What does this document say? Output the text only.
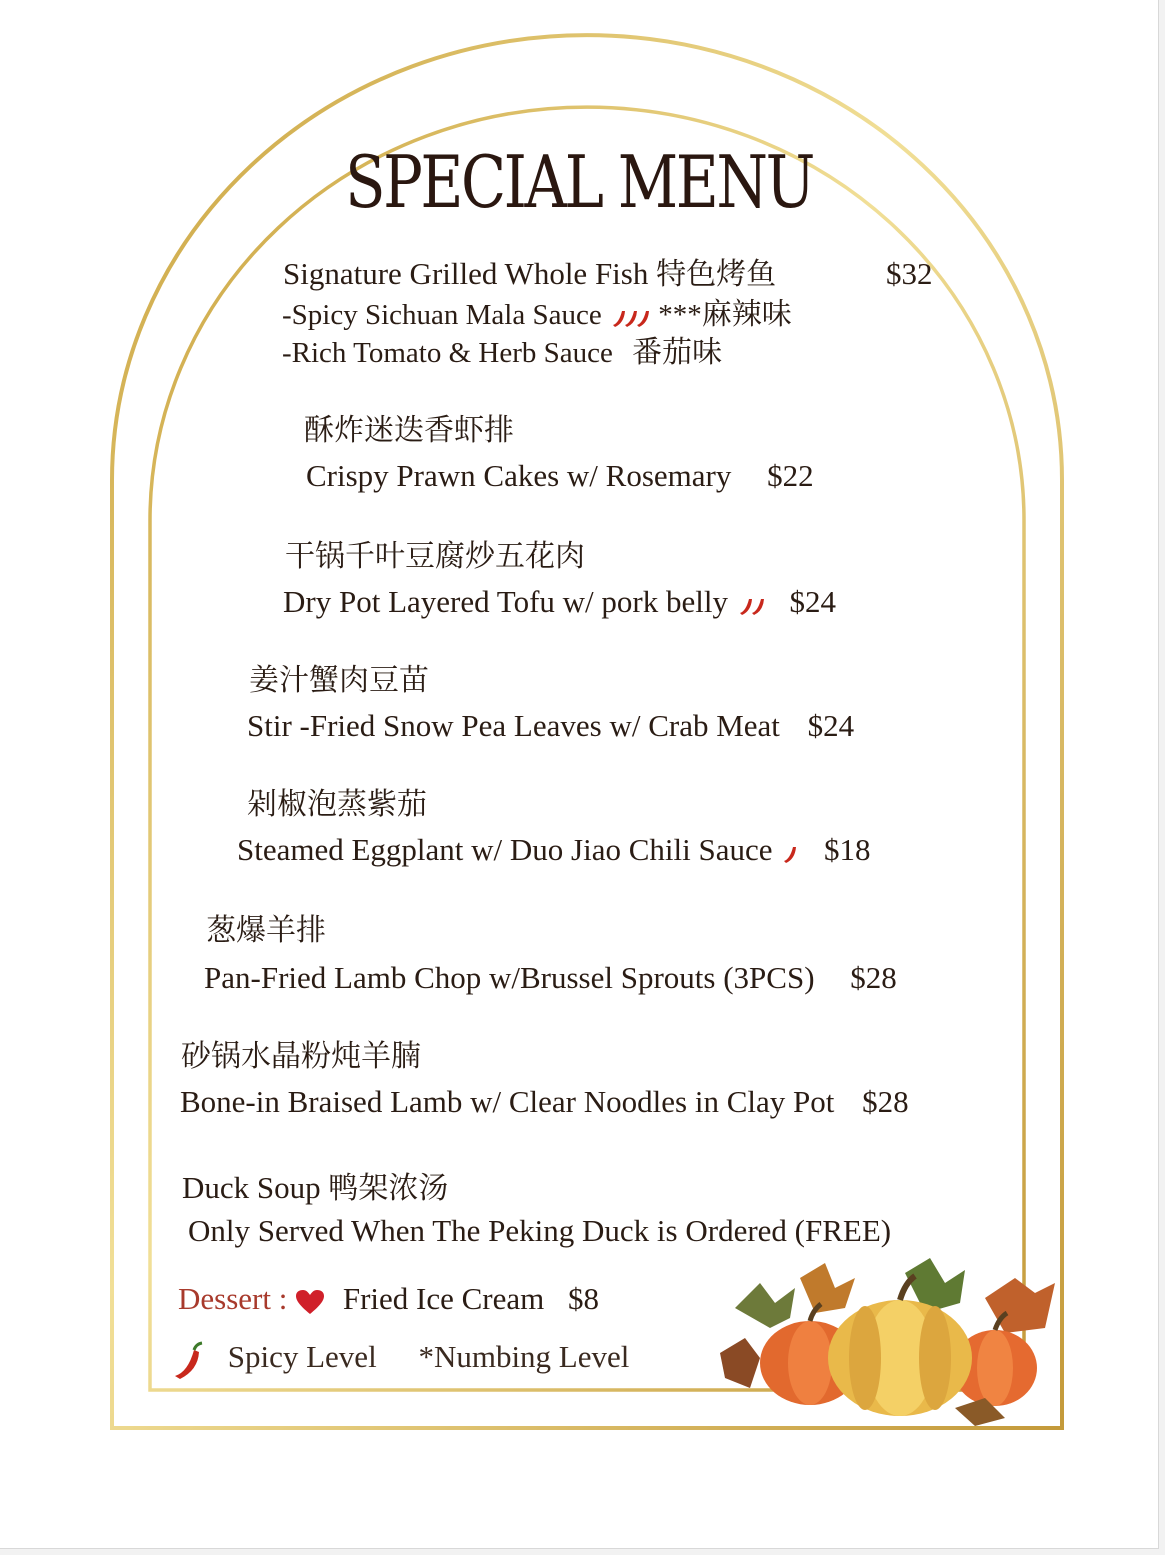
SPECIAL MENU
Signature Grilled Whole Fish 特色烤鱼	$32
-Spicy Sichuan Mala Sauce ***麻辣味
-Rich Tomato & Herb Sauce 番茄味
酥炸迷迭香虾排
Crispy Prawn Cakes w/ Rosemary $22
干锅千叶豆腐炒五花肉
Dry Pot Layered Tofu w/ pork belly $24
姜汁蟹肉豆苗
Stir -Fried Snow Pea Leaves w/ Crab Meat $24
剁椒泡蒸紫茄
Steamed Eggplant w/ Duo Jiao Chili Sauce $18
葱爆羊排
Pan-Fried Lamb Chop w/Brussel Sprouts (3PCS) $28
砂锅水晶粉炖羊腩
Bone-in Braised Lamb w/ Clear Noodles in Clay Pot $28
Duck Soup 鸭架浓汤
Only Served When The Peking Duck is Ordered (FREE)
Dessert : Fried Ice Cream $8
Spicy Level *Numbing Level
